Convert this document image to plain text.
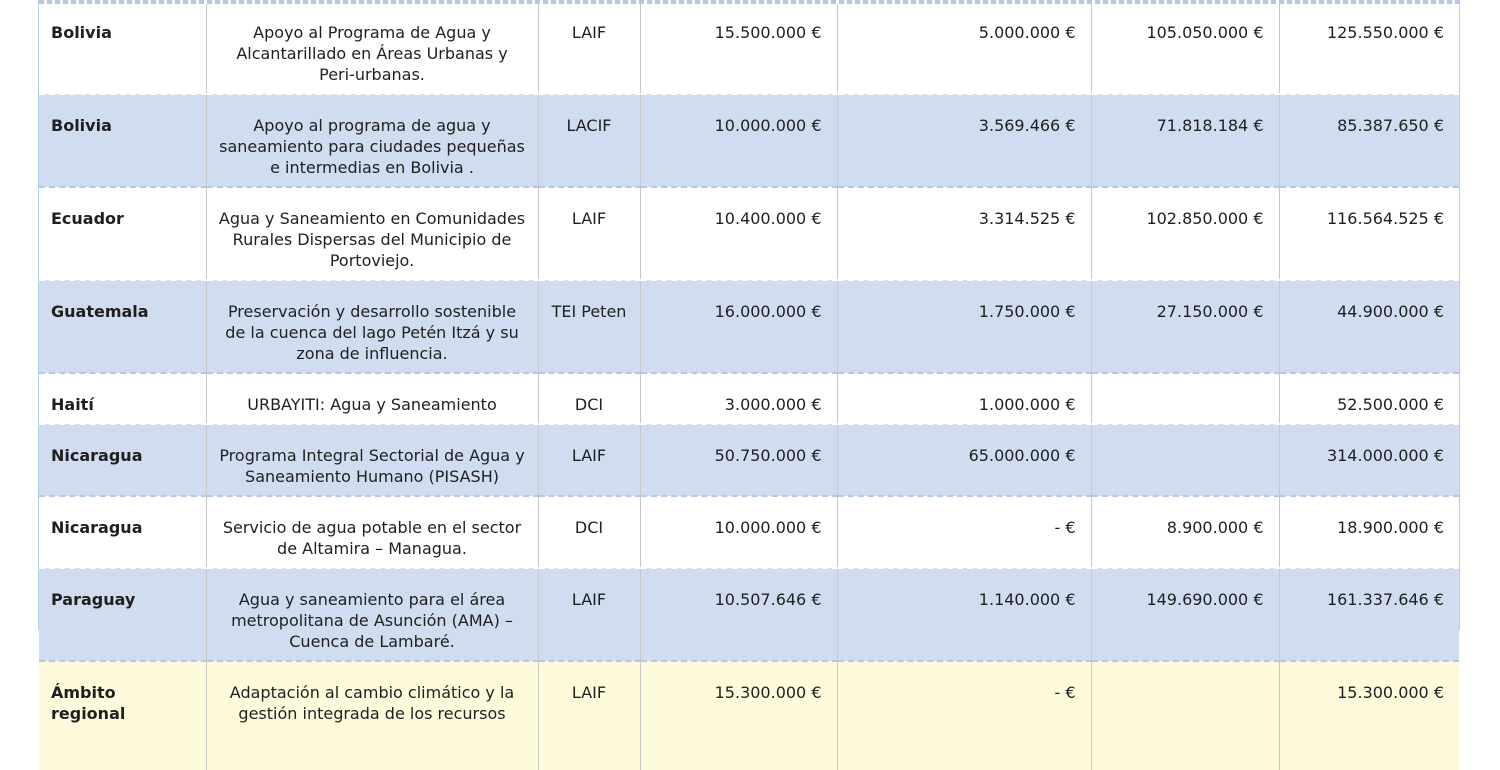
Bolivia	Apoyo al Programa de Agua y Alcantarillado en Áreas Urbanas y Peri-urbanas.	LAIF	15.500.000 €	5.000.000 €	105.050.000 €	125.550.000 €
Bolivia	Apoyo al programa de agua y saneamiento para ciudades pequeñas e intermedias en Bolivia .	LACIF	10.000.000 €	3.569.466 €	71.818.184 €	85.387.650 €
Ecuador	Agua y Saneamiento en Comunidades Rurales Dispersas del Municipio de Portoviejo.	LAIF	10.400.000 €	3.314.525 €	102.850.000 €	116.564.525 €
Guatemala	Preservación y desarrollo sostenible de la cuenca del lago Petén Itzá y su zona de influencia.	TEI Peten	16.000.000 €	1.750.000 €	27.150.000 €	44.900.000 €
Haití	URBAYITI: Agua y Saneamiento	DCI	3.000.000 €	1.000.000 €		52.500.000 €
Nicaragua	Programa Integral Sectorial de Agua y Saneamiento Humano (PISASH)	LAIF	50.750.000 €	65.000.000 €		314.000.000 €
Nicaragua	Servicio de agua potable en el sector de Altamira – Managua.	DCI	10.000.000 €	- €	8.900.000 €	18.900.000 €
Paraguay	Agua y saneamiento para el área metropolitana de Asunción (AMA) – Cuenca de Lambaré.	LAIF	10.507.646 €	1.140.000 €	149.690.000 €	161.337.646 €
Ámbito regional	Adaptación al cambio climático y la gestión integrada de los recursos	LAIF	15.300.000 €	- €		15.300.000 €
